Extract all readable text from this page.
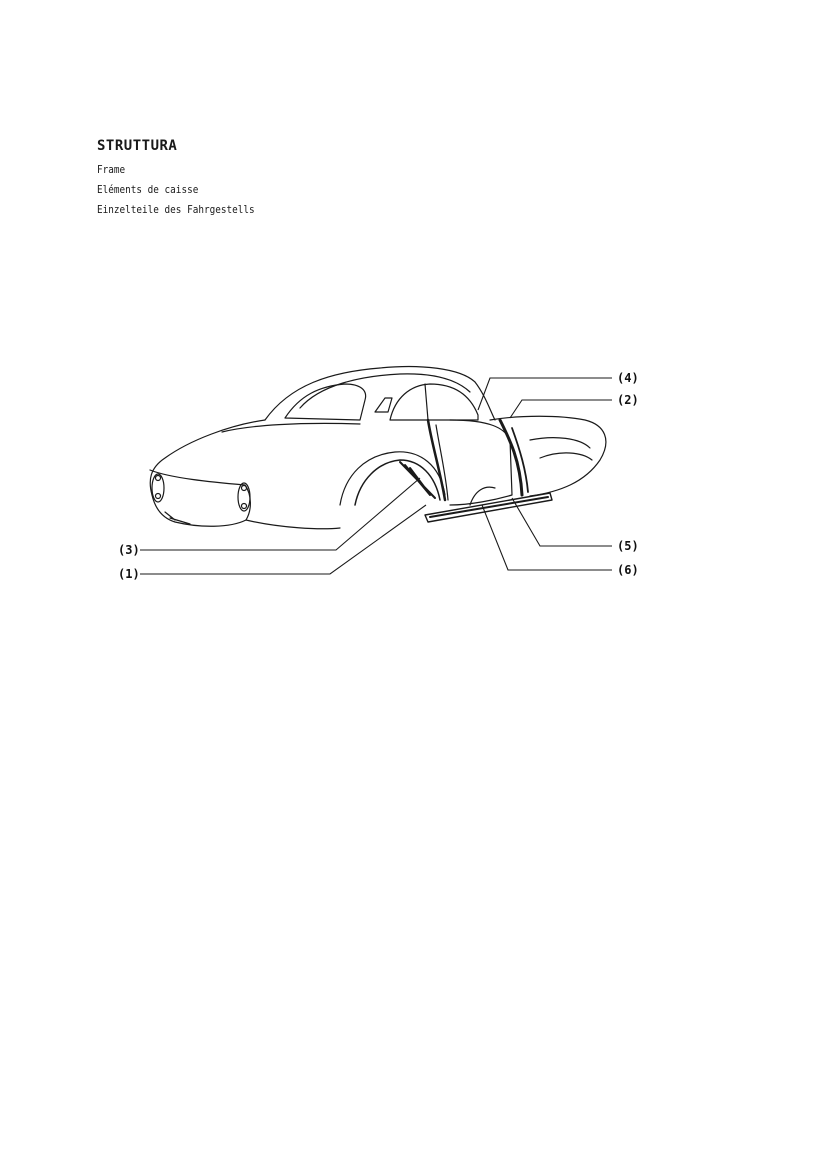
STRUTTURA
Frame
Eléments de caisse
Einzelteile des Fahrgestells
(4)
(2)
(3)
(1)
(5)
(6)
